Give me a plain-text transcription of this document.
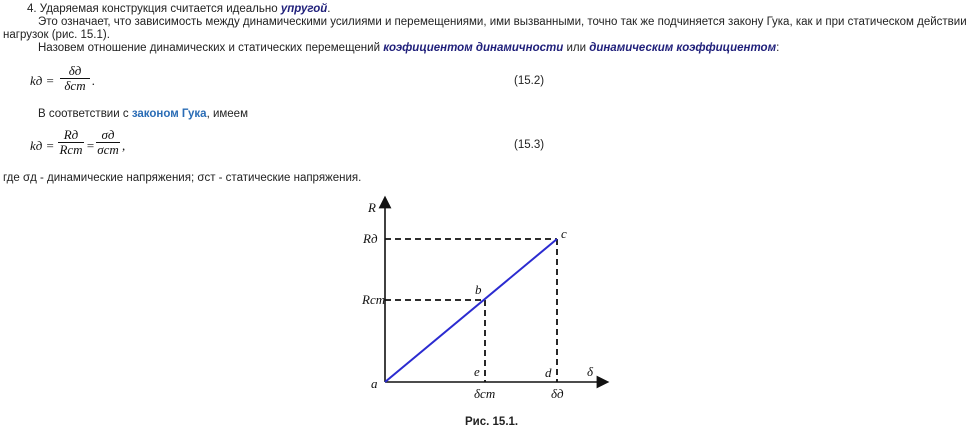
4. Ударяемая конструкция считается идеально упругой.
Это означает, что зависимость между динамическими усилиями и перемещениями, ими вызванными, точно так же подчиняется закону Гука, как и при статическом действии
нагрузок (рис. 15.1).
Назовем отношение динамических и статических перемещений коэфициентом динамичности или динамическим коэффициентом:
kд =
δд
δст .	(15.2)
В соответствии с законом Гука, имеем
kд =
Rд
Rст =
σд
σст ,	(15.3)
где σд - динамические напряжения; σст - статические напряжения.
R
δ
Rд
Rст
a
b
c
d
e
δст	δд
Рис. 15.1.
